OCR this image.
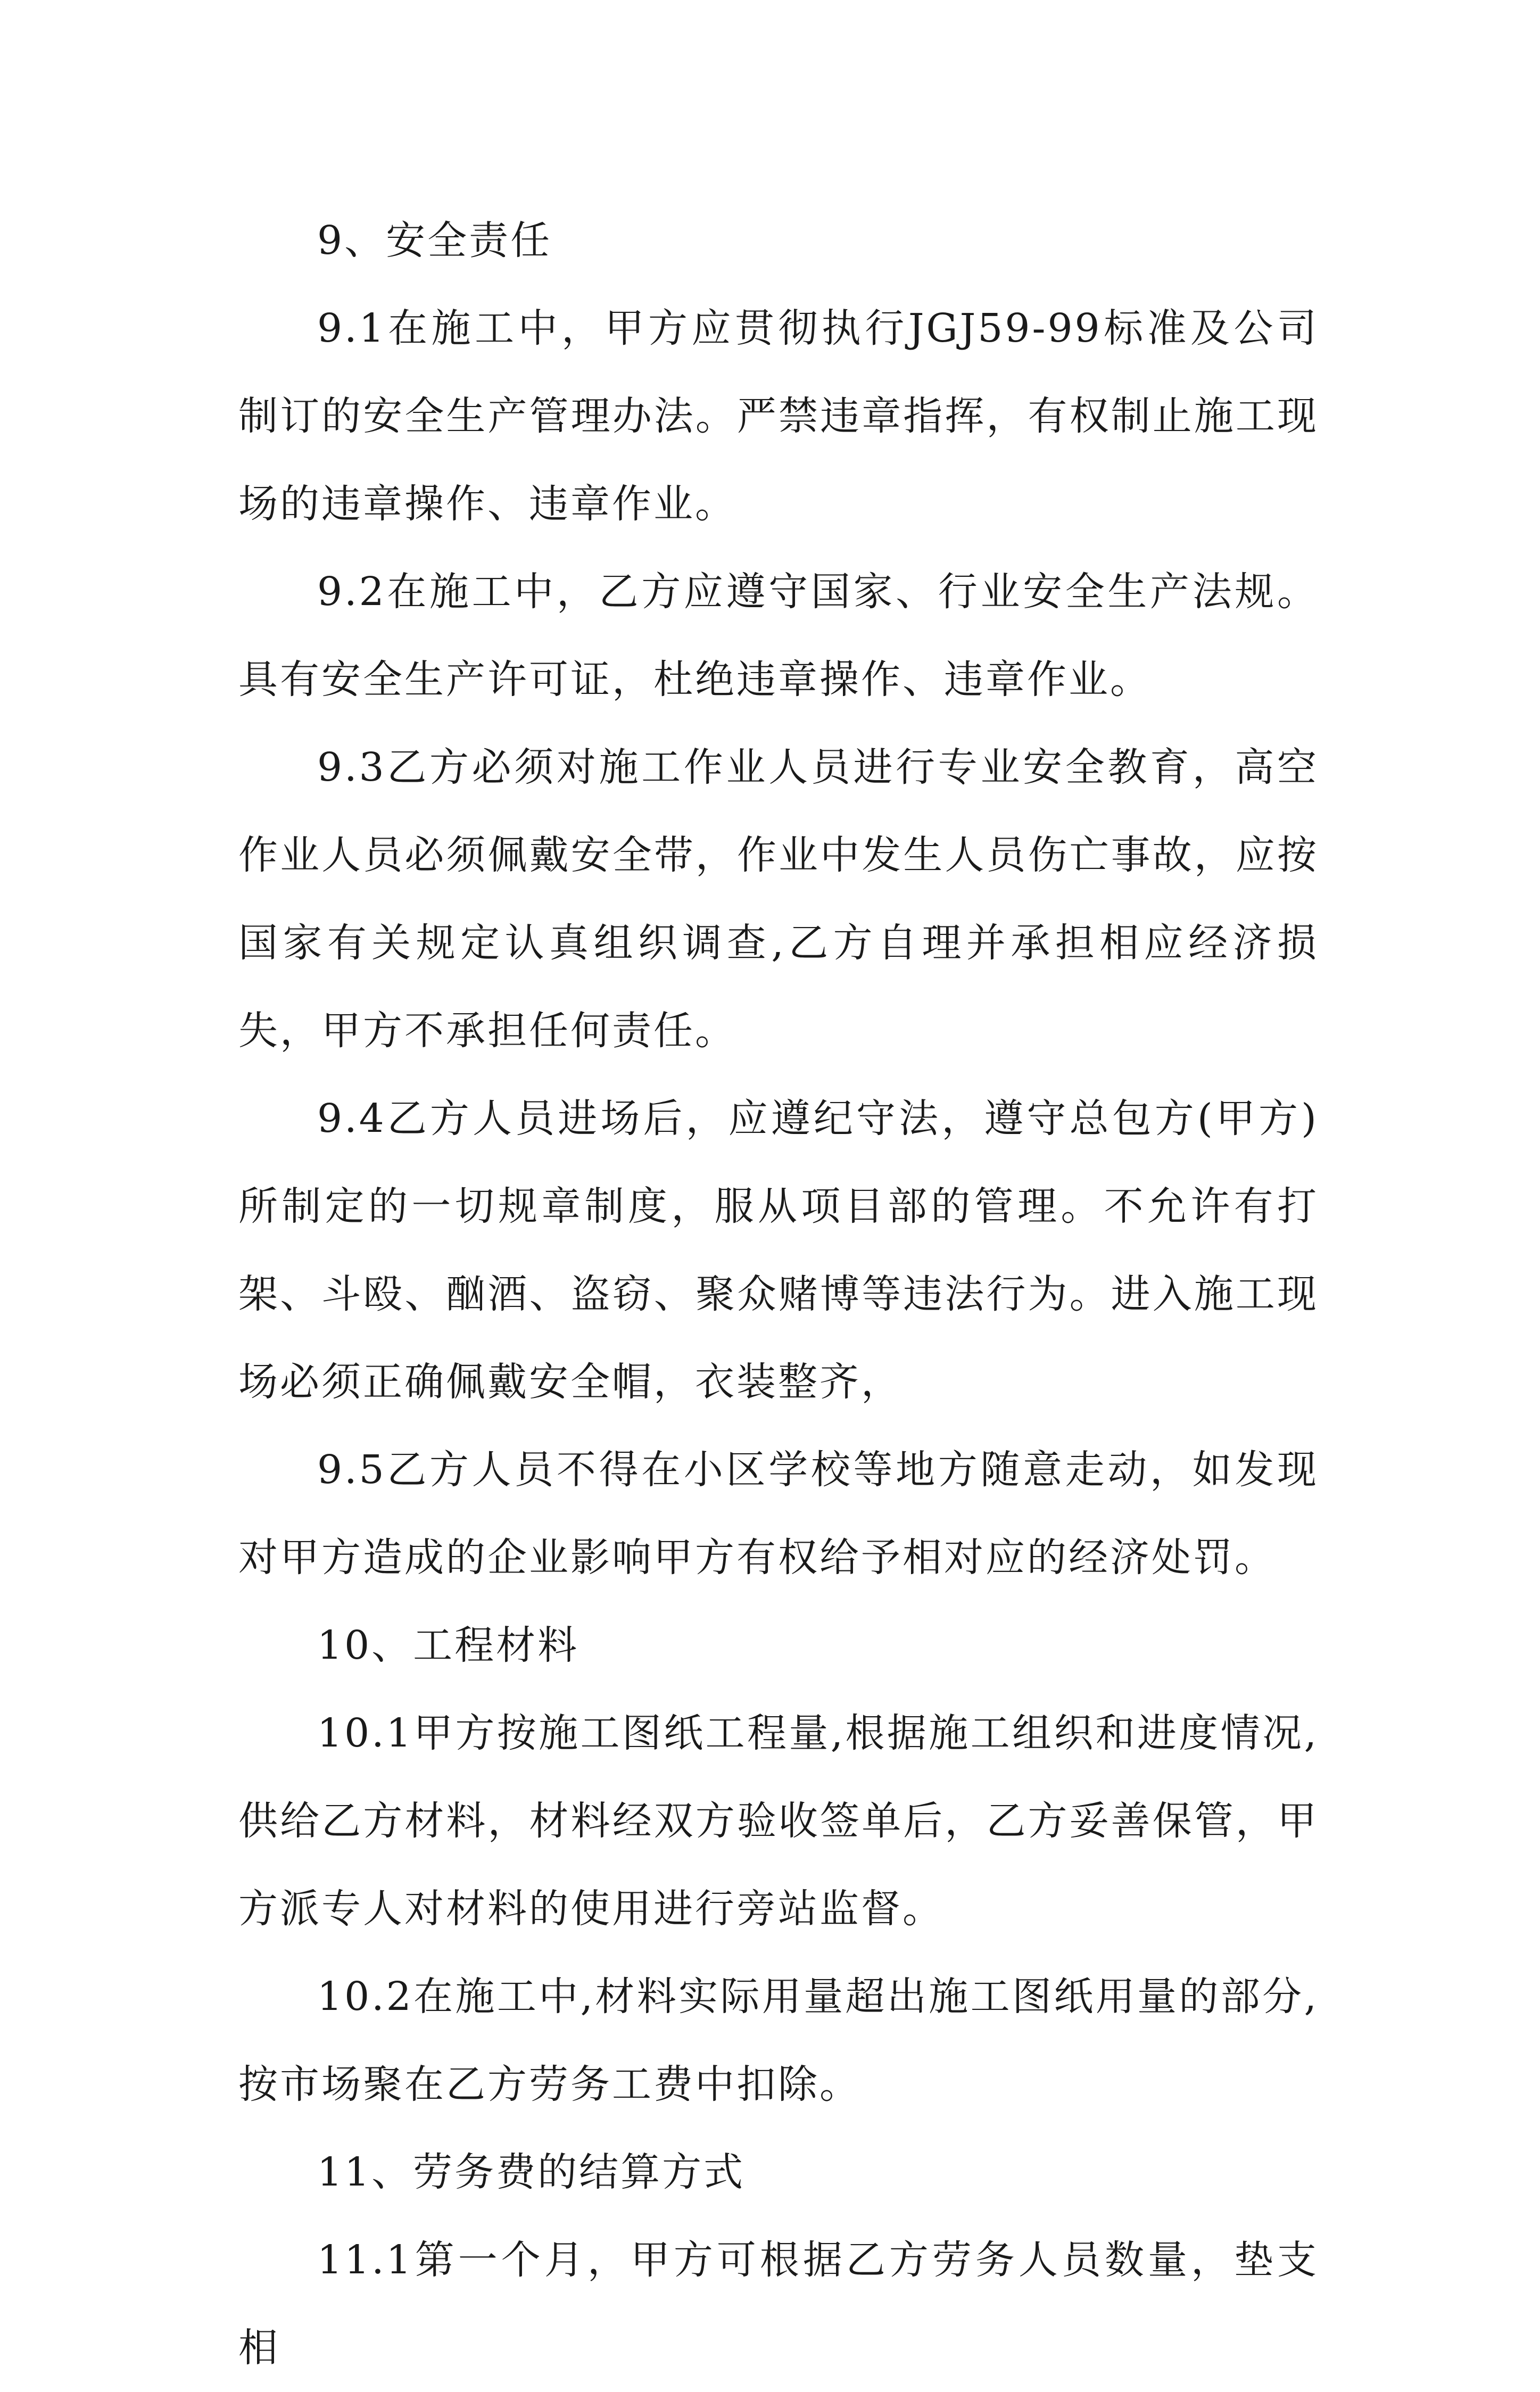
9、安全责任

9.1在施工中，甲方应贯彻执行JGJ59-99标准及公司制订的安全生产管理办法。严禁违章指挥，有权制止施工现场的违章操作、违章作业。

9.2在施工中，乙方应遵守国家、行业安全生产法规。具有安全生产许可证，杜绝违章操作、违章作业。

9.3乙方必须对施工作业人员进行专业安全教育，高空作业人员必须佩戴安全带，作业中发生人员伤亡事故，应按国家有关规定认真组织调查,乙方自理并承担相应经济损失，甲方不承担任何责任。

9.4乙方人员进场后，应遵纪守法，遵守总包方(甲方)所制定的一切规章制度，服从项目部的管理。不允许有打架、斗殴、酗酒、盗窃、聚众赌博等违法行为。进入施工现场必须正确佩戴安全帽，衣装整齐，

9.5乙方人员不得在小区学校等地方随意走动，如发现对甲方造成的企业影响甲方有权给予相对应的经济处罚。

10、工程材料

10.1甲方按施工图纸工程量,根据施工组织和进度情况,供给乙方材料，材料经双方验收签单后，乙方妥善保管，甲方派专人对材料的使用进行旁站监督。

10.2在施工中,材料实际用量超出施工图纸用量的部分,按市场聚在乙方劳务工费中扣除。

11、劳务费的结算方式

11.1第一个月，甲方可根据乙方劳务人员数量，垫支相
